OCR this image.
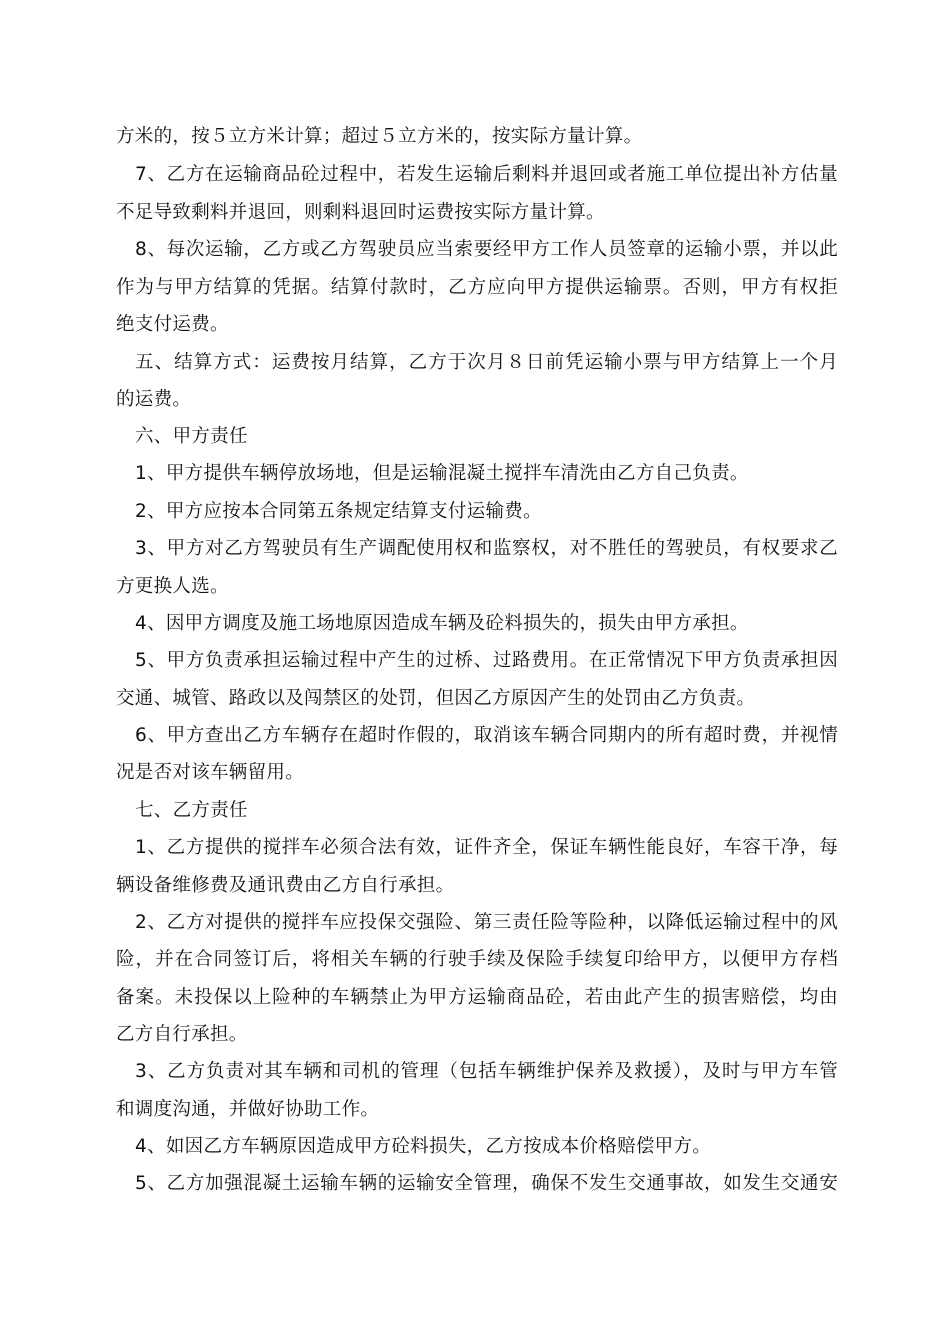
方米的，按５立方米计算；超过５立方米的，按实际方量计算。
7、乙方在运输商品砼过程中，若发生运输后剩料并退回或者施工单位提出补方估量
不足导致剩料并退回，则剩料退回时运费按实际方量计算。
8、每次运输，乙方或乙方驾驶员应当索要经甲方工作人员签章的运输小票，并以此
作为与甲方结算的凭据。结算付款时，乙方应向甲方提供运输票。否则，甲方有权拒
绝支付运费。
五、结算方式：运费按月结算，乙方于次月８日前凭运输小票与甲方结算上一个月
的运费。
六、甲方责任
1、甲方提供车辆停放场地，但是运输混凝土搅拌车清洗由乙方自己负责。
2、甲方应按本合同第五条规定结算支付运输费。
3、甲方对乙方驾驶员有生产调配使用权和监察权，对不胜任的驾驶员，有权要求乙
方更换人选。
4、因甲方调度及施工场地原因造成车辆及砼料损失的，损失由甲方承担。
5、甲方负责承担运输过程中产生的过桥、过路费用。在正常情况下甲方负责承担因
交通、城管、路政以及闯禁区的处罚，但因乙方原因产生的处罚由乙方负责。
6、甲方查出乙方车辆存在超时作假的，取消该车辆合同期内的所有超时费，并视情
况是否对该车辆留用。
七、乙方责任
1、乙方提供的搅拌车必须合法有效，证件齐全，保证车辆性能良好，车容干净，每
辆设备维修费及通讯费由乙方自行承担。
2、乙方对提供的搅拌车应投保交强险、第三责任险等险种，以降低运输过程中的风
险，并在合同签订后，将相关车辆的行驶手续及保险手续复印给甲方，以便甲方存档
备案。未投保以上险种的车辆禁止为甲方运输商品砼，若由此产生的损害赔偿，均由
乙方自行承担。
3、乙方负责对其车辆和司机的管理（包括车辆维护保养及救援），及时与甲方车管
和调度沟通，并做好协助工作。
4、如因乙方车辆原因造成甲方砼料损失，乙方按成本价格赔偿甲方。
5、乙方加强混凝土运输车辆的运输安全管理，确保不发生交通事故，如发生交通安
